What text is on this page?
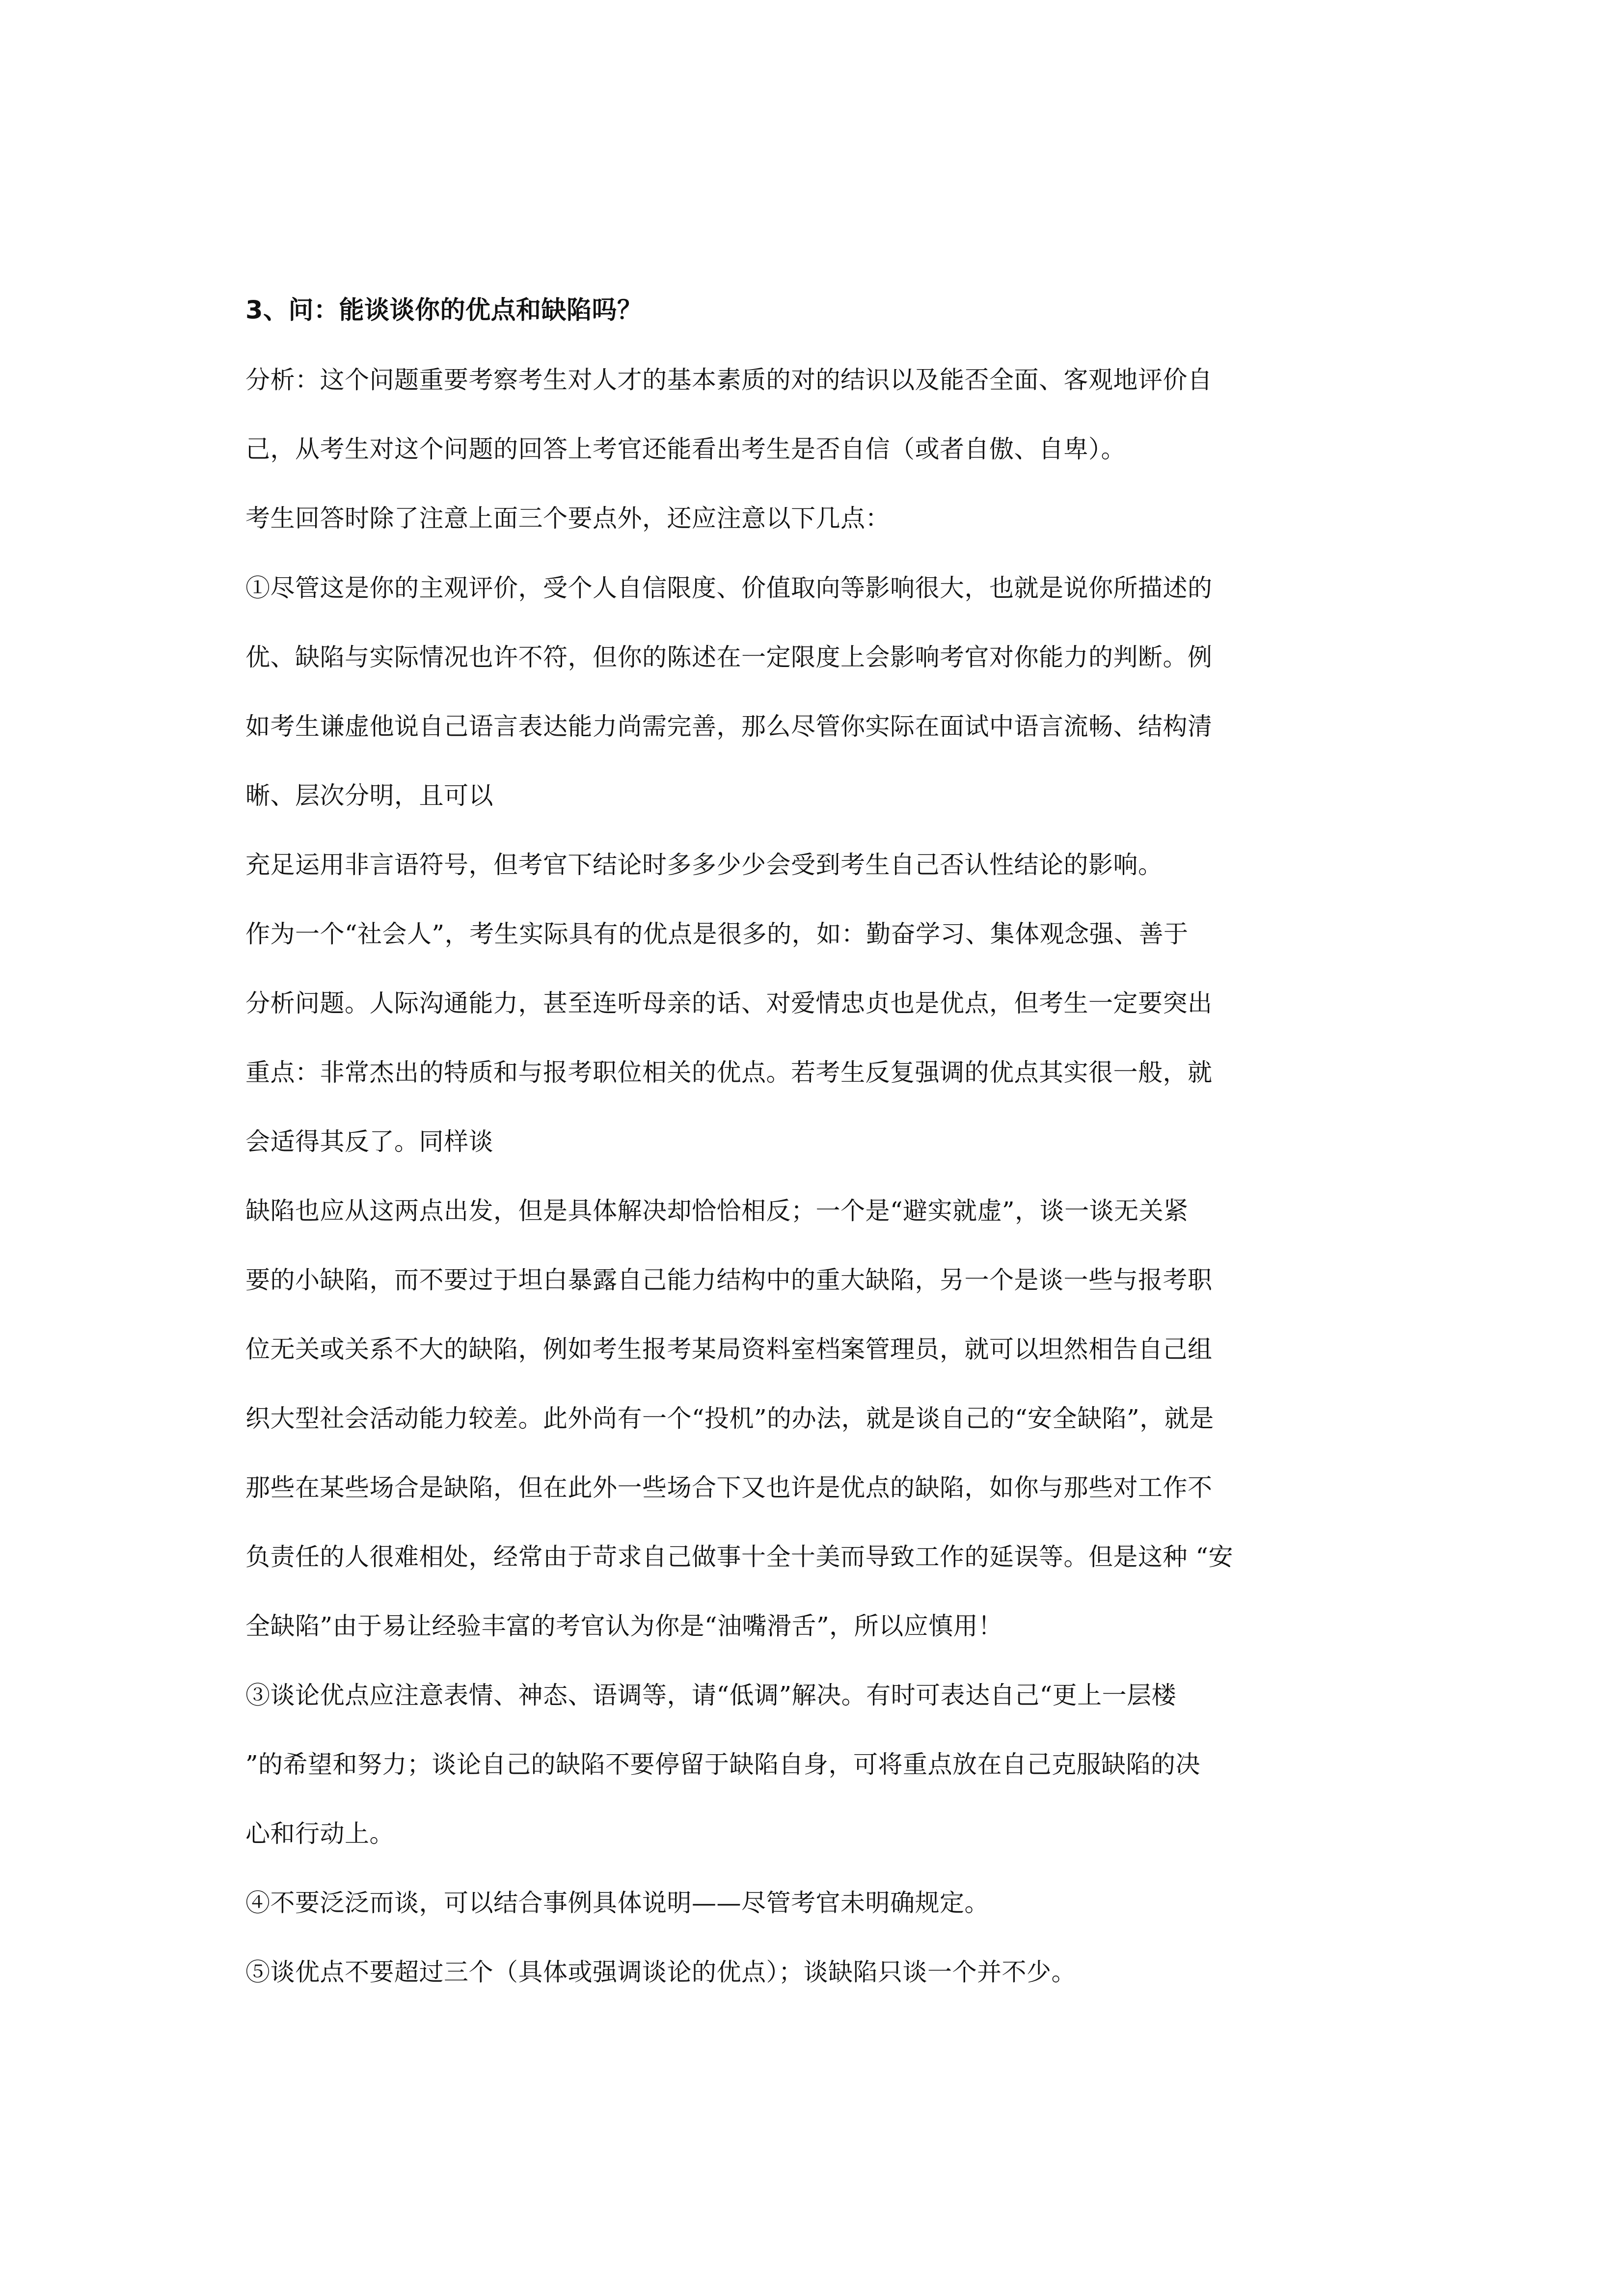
3、问：能谈谈你的优点和缺陷吗？
分析：这个问题重要考察考生对人才的基本素质的对的结识以及能否全面、客观地评价自
己，从考生对这个问题的回答上考官还能看出考生是否自信（或者自傲、自卑）。
考生回答时除了注意上面三个要点外，还应注意以下几点：
①尽管这是你的主观评价，受个人自信限度、价值取向等影响很大，也就是说你所描述的
优、缺陷与实际情况也许不符，但你的陈述在一定限度上会影响考官对你能力的判断。例
如考生谦虚他说自己语言表达能力尚需完善，那么尽管你实际在面试中语言流畅、结构清
晰、层次分明，且可以
充足运用非言语符号，但考官下结论时多多少少会受到考生自己否认性结论的影响。
作为一个“社会人”，考生实际具有的优点是很多的，如：勤奋学习、集体观念强、善于
分析问题。人际沟通能力，甚至连听母亲的话、对爱情忠贞也是优点，但考生一定要突出
重点：非常杰出的特质和与报考职位相关的优点。若考生反复强调的优点其实很一般，就
会适得其反了。同样谈
缺陷也应从这两点出发，但是具体解决却恰恰相反；一个是“避实就虚”，谈一谈无关紧
要的小缺陷，而不要过于坦白暴露自己能力结构中的重大缺陷，另一个是谈一些与报考职
位无关或关系不大的缺陷，例如考生报考某局资料室档案管理员，就可以坦然相告自己组
织大型社会活动能力较差。此外尚有一个“投机”的办法，就是谈自己的“安全缺陷”，就是
那些在某些场合是缺陷，但在此外一些场合下又也许是优点的缺陷，如你与那些对工作不
负责任的人很难相处，经常由于苛求自己做事十全十美而导致工作的延误等。但是这种 “安
全缺陷”由于易让经验丰富的考官认为你是“油嘴滑舌”，所以应慎用！
③谈论优点应注意表情、神态、语调等，请“低调”解决。有时可表达自己“更上一层楼
”的希望和努力；谈论自己的缺陷不要停留于缺陷自身，可将重点放在自己克服缺陷的决
心和行动上。
④不要泛泛而谈，可以结合事例具体说明——尽管考官未明确规定。
⑤谈优点不要超过三个（具体或强调谈论的优点）；谈缺陷只谈一个并不少。
